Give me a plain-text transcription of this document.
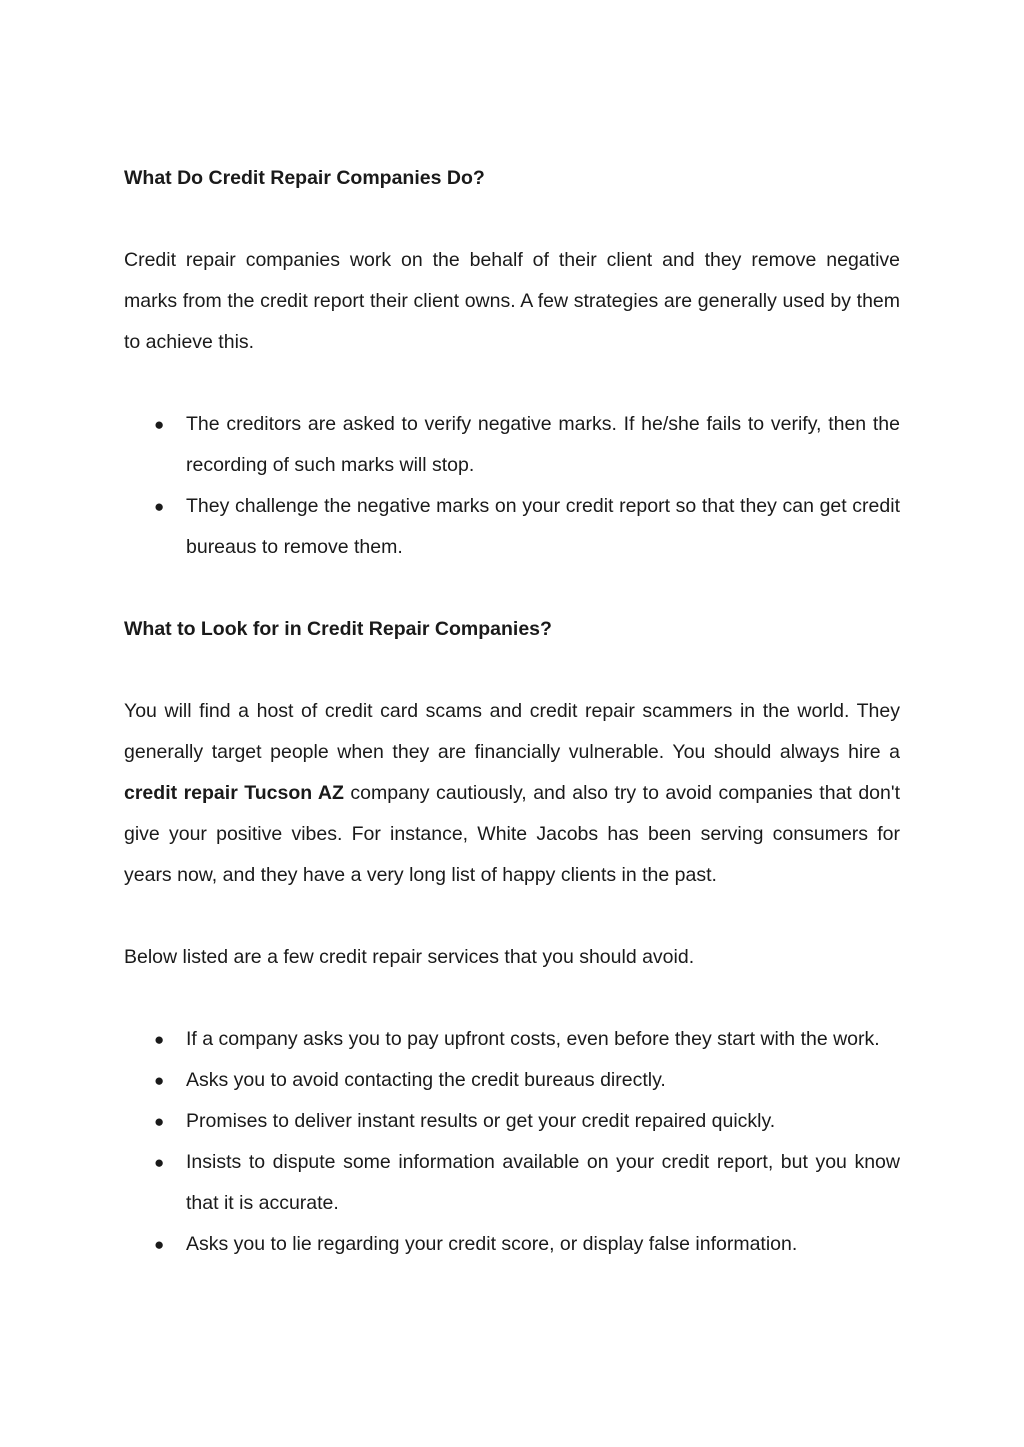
What Do Credit Repair Companies Do?

Credit repair companies work on the behalf of their client and they remove negative marks from the credit report their client owns. A few strategies are generally used by them to achieve this.

● The creditors are asked to verify negative marks. If he/she fails to verify, then the recording of such marks will stop.
● They challenge the negative marks on your credit report so that they can get credit bureaus to remove them.

What to Look for in Credit Repair Companies?

You will find a host of credit card scams and credit repair scammers in the world. They generally target people when they are financially vulnerable. You should always hire a credit repair Tucson AZ company cautiously, and also try to avoid companies that don't give your positive vibes. For instance, White Jacobs has been serving consumers for years now, and they have a very long list of happy clients in the past.

Below listed are a few credit repair services that you should avoid.

● If a company asks you to pay upfront costs, even before they start with the work.
● Asks you to avoid contacting the credit bureaus directly.
● Promises to deliver instant results or get your credit repaired quickly.
● Insists to dispute some information available on your credit report, but you know that it is accurate.
● Asks you to lie regarding your credit score, or display false information.
